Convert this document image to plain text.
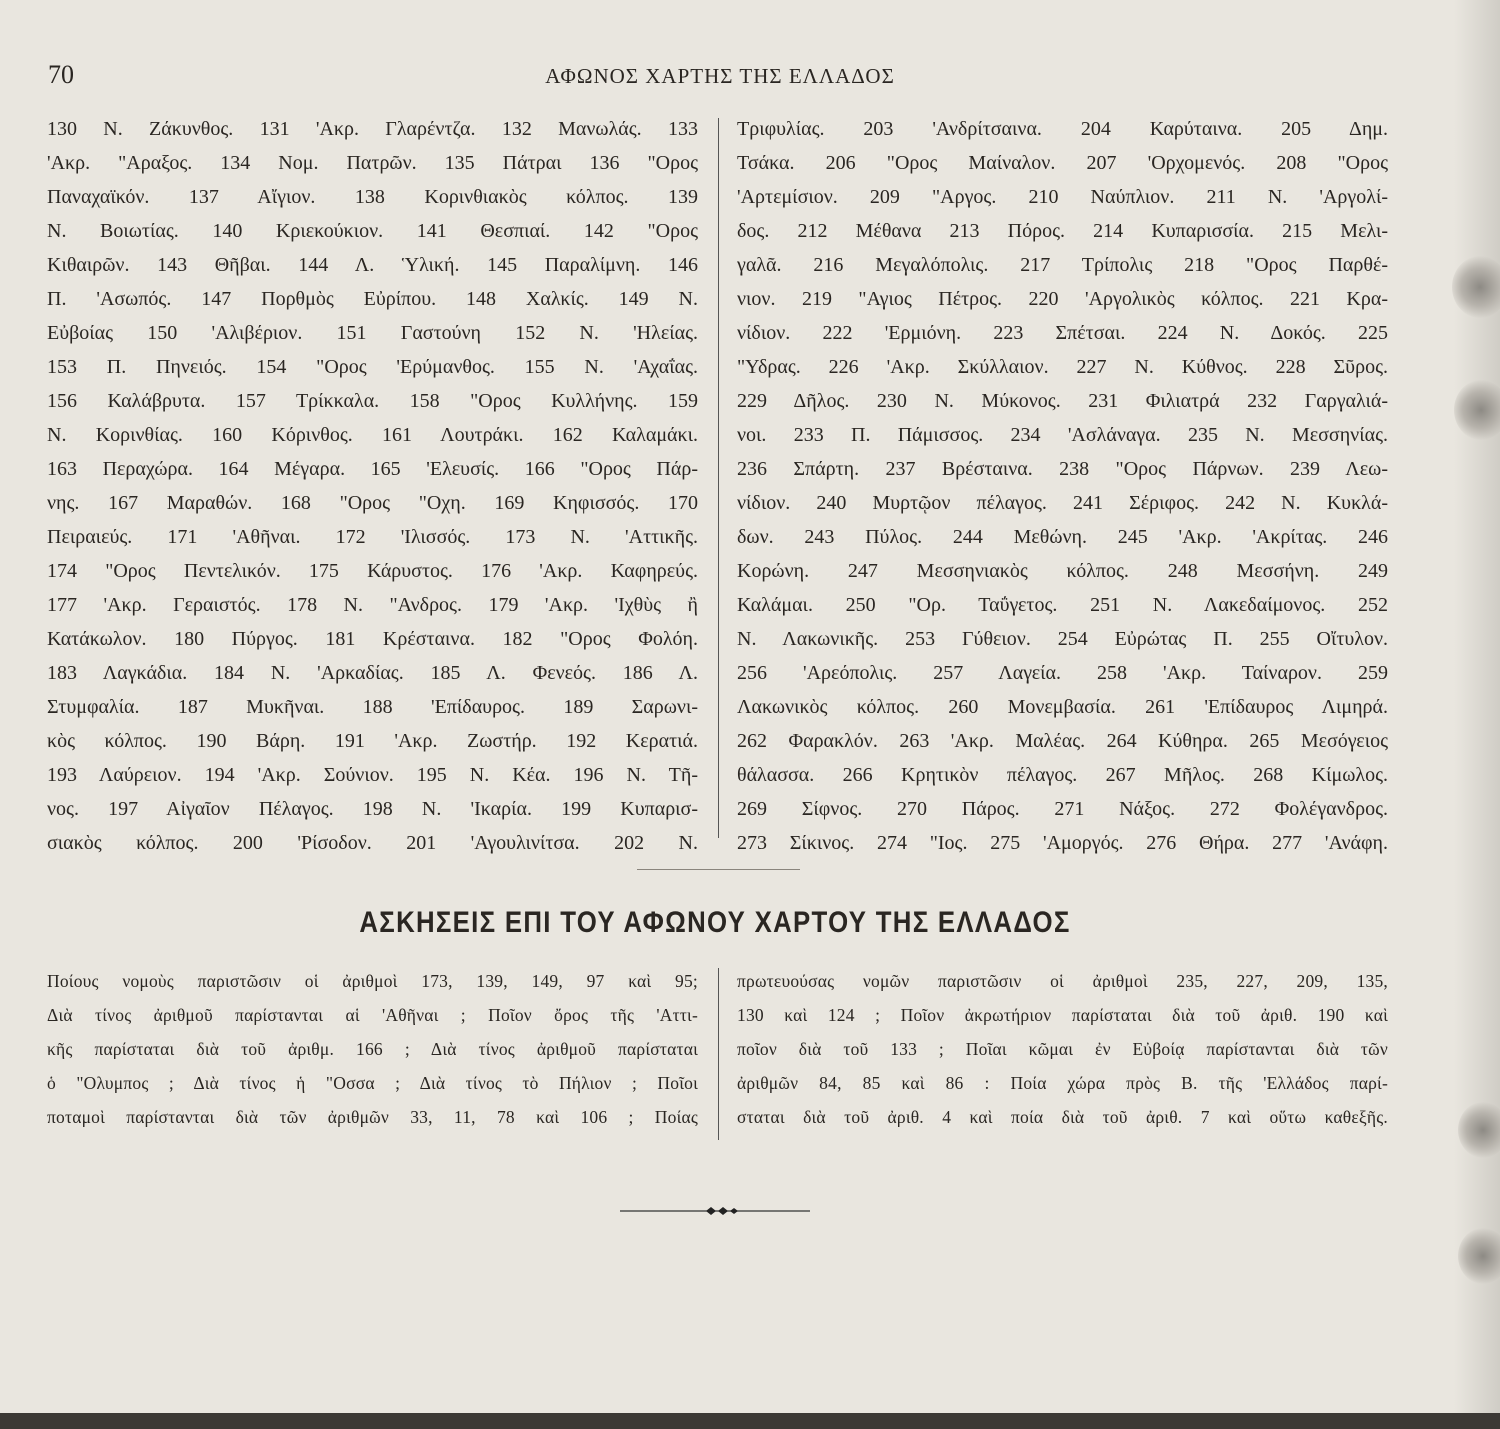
70	ΑΦΩΝΟΣ ΧΑΡΤΗΣ ΤΗΣ ΕΛΛΑΔΟΣ
130 Ν. Ζάκυνθος. 131 'Ακρ. Γλαρέντζα. 132 Μανωλάς. 133
'Ακρ. "Αραξος. 134 Νομ. Πατρῶν. 135 Πάτραι 136 "Ορος
Παναχαϊκόν. 137 Αἴγιον. 138 Κορινθιακὸς κόλπος. 139
Ν. Βοιωτίας. 140 Κριεκούκιον. 141 Θεσπιαί. 142 "Ορος
Κιθαιρῶν. 143 Θῆβαι. 144 Λ. Ὑλική. 145 Παραλίμνη. 146
Π. 'Ασωπός. 147 Πορθμὸς Εὐρίπου. 148 Χαλκίς. 149 Ν.
Εὐβοίας 150 'Αλιβέριον. 151 Γαστούνη 152 Ν. 'Ηλείας.
153 Π. Πηνειός. 154 "Ορος 'Ερύμανθος. 155 Ν. 'Αχαΐας.
156 Καλάβρυτα. 157 Τρίκκαλα. 158 "Ορος Κυλλήνης. 159
Ν. Κορινθίας. 160 Κόρινθος. 161 Λουτράκι. 162 Καλαμάκι.
163 Περαχώρα. 164 Μέγαρα. 165 'Ελευσίς. 166 "Ορος Πάρ-
νης. 167 Μαραθών. 168 "Ορος "Οχη. 169 Κηφισσός. 170
Πειραιεύς. 171 'Αθῆναι. 172 'Ιλισσός. 173 Ν. 'Αττικῆς.
174 "Ορος Πεντελικόν. 175 Κάρυστος. 176 'Ακρ. Καφηρεύς.
177 'Ακρ. Γεραιστός. 178 Ν. "Ανδρος. 179 'Ακρ. 'Ιχθὺς ἢ
Κατάκωλον. 180 Πύργος. 181 Κρέσταινα. 182 "Ορος Φολόη.
183 Λαγκάδια. 184 Ν. 'Αρκαδίας. 185 Λ. Φενεός. 186 Λ.
Στυμφαλία. 187 Μυκῆναι. 188 'Επίδαυρος. 189 Σαρωνι-
κὸς κόλπος. 190 Βάρη. 191 'Ακρ. Ζωστήρ. 192 Κερατιά.
193 Λαύρειον. 194 'Ακρ. Σούνιον. 195 Ν. Κέα. 196 Ν. Τῆ-
νος. 197 Αἰγαῖον Πέλαγος. 198 Ν. 'Ικαρία. 199 Κυπαρισ-
σιακὸς κόλπος. 200 'Ρίσοδον. 201 'Αγουλινίτσα. 202 Ν.
Τριφυλίας. 203 'Ανδρίτσαινα. 204 Καρύταινα. 205 Δημ.
Τσάκα. 206 "Ορος Μαίναλον. 207 'Ορχομενός. 208 "Ορος
'Αρτεμίσιον. 209 "Αργος. 210 Ναύπλιον. 211 Ν. 'Αργολί-
δος. 212 Μέθανα 213 Πόρος. 214 Κυπαρισσία. 215 Μελι-
γαλᾶ. 216 Μεγαλόπολις. 217 Τρίπολις 218 "Ορος Παρθέ-
νιον. 219 "Αγιος Πέτρος. 220 'Αργολικὸς κόλπος. 221 Κρα-
νίδιον. 222 'Ερμιόνη. 223 Σπέτσαι. 224 Ν. Δοκός. 225
"Υδρας. 226 'Ακρ. Σκύλλαιον. 227 Ν. Κύθνος. 228 Σῦρος.
229 Δῆλος. 230 Ν. Μύκονος. 231 Φιλιατρά 232 Γαργαλιά-
νοι. 233 Π. Πάμισσος. 234 'Ασλάναγα. 235 Ν. Μεσσηνίας.
236 Σπάρτη. 237 Βρέσταινα. 238 "Ορος Πάρνων. 239 Λεω-
νίδιον. 240 Μυρτῷον πέλαγος. 241 Σέριφος. 242 Ν. Κυκλά-
δων. 243 Πύλος. 244 Μεθώνη. 245 'Ακρ. 'Ακρίτας. 246
Κορώνη. 247 Μεσσηνιακὸς κόλπος. 248 Μεσσήνη. 249
Καλάμαι. 250 "Ορ. Ταΰγετος. 251 Ν. Λακεδαίμονος. 252
Ν. Λακωνικῆς. 253 Γύθειον. 254 Εὐρώτας Π. 255 Οἴτυλον.
256 'Αρεόπολις. 257 Λαγεία. 258 'Ακρ. Ταίναρον. 259
Λακωνικὸς κόλπος. 260 Μονεμβασία. 261 'Επίδαυρος Λιμηρά.
262 Φαρακλόν. 263 'Ακρ. Μαλέας. 264 Κύθηρα. 265 Μεσόγειος
θάλασσα. 266 Κρητικὸν πέλαγος. 267 Μῆλος. 268 Κίμωλος.
269 Σίφνος. 270 Πάρος. 271 Νάξος. 272 Φολέγανδρος.
273 Σίκινος. 274 "Ιος. 275 'Αμοργός. 276 Θήρα. 277 'Ανάφη.
ΑΣΚΗΣΕΙΣ ΕΠΙ ΤΟΥ ΑΦΩΝΟΥ ΧΑΡΤΟΥ ΤΗΣ ΕΛΛΑΔΟΣ
Ποίους νομοὺς παριστῶσιν οἱ ἀριθμοὶ 173, 139, 149, 97 καὶ 95;
Διὰ τίνος ἀριθμοῦ παρίστανται αἱ 'Αθῆναι ; Ποῖον ὄρος τῆς 'Αττι-
κῆς παρίσταται διὰ τοῦ ἀριθμ. 166 ; Διὰ τίνος ἀριθμοῦ παρίσταται
ὁ "Ολυμπος ; Διὰ τίνος ἡ "Οσσα ; Διὰ τίνος τὸ Πήλιον ; Ποῖοι
ποταμοὶ παρίστανται διὰ τῶν ἀριθμῶν 33, 11, 78 καὶ 106 ; Ποίας
πρωτευούσας νομῶν παριστῶσιν οἱ ἀριθμοὶ 235, 227, 209, 135,
130 καὶ 124 ; Ποῖον ἀκρωτήριον παρίσταται διὰ τοῦ ἀριθ. 190 καὶ
ποῖον διὰ τοῦ 133 ; Ποῖαι κῶμαι ἐν Εὐβοίᾳ παρίστανται διὰ τῶν
ἀριθμῶν 84, 85 καὶ 86 : Ποία χώρα πρὸς Β. τῆς 'Ελλάδος παρί-
σταται διὰ τοῦ ἀριθ. 4 καὶ ποία διὰ τοῦ ἀριθ. 7 καὶ οὕτω καθεξῆς.
